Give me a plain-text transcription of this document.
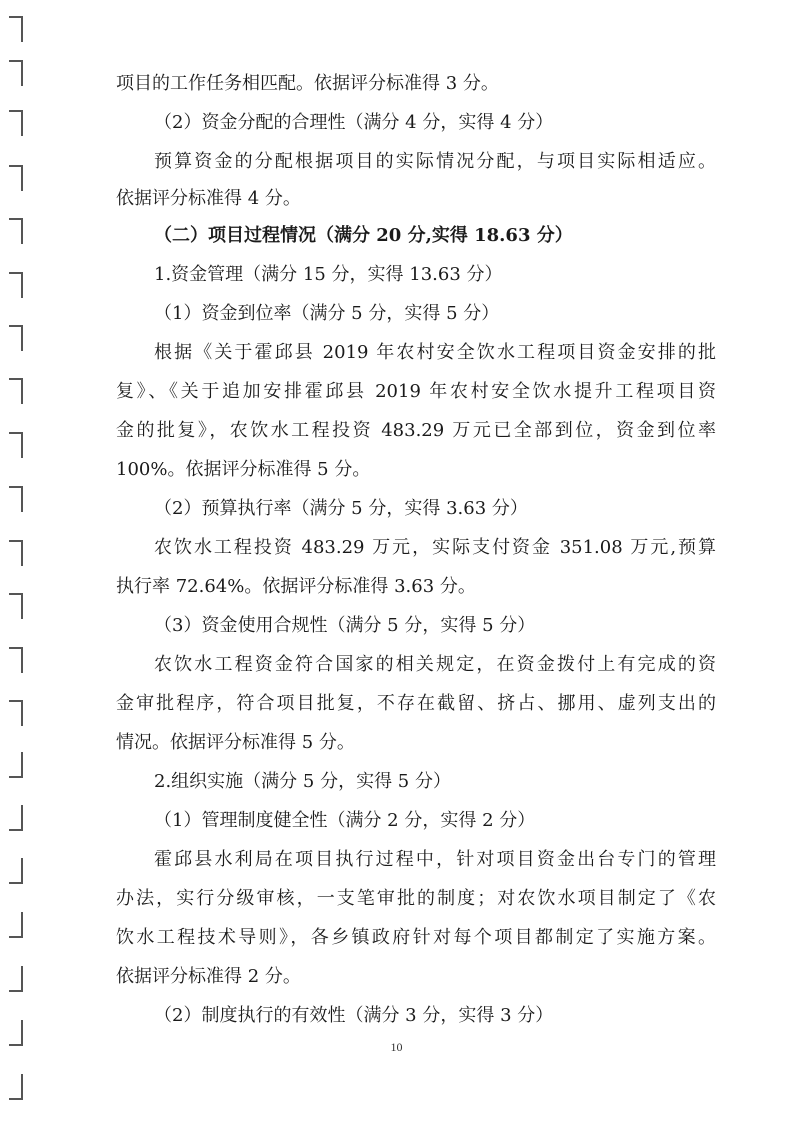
项目的工作任务相匹配。依据评分标准得 3 分。
（2）资金分配的合理性（满分 4 分，实得 4 分）
预算资金的分配根据项目的实际情况分配，与项目实际相适应。
依据评分标准得 4 分。
（二）项目过程情况（满分 20 分,实得 18.63 分）
1.资金管理（满分 15 分，实得 13.63 分）
（1）资金到位率（满分 5 分，实得 5 分）
根据《关于霍邱县 2019 年农村安全饮水工程项目资金安排的批
复》、《关于追加安排霍邱县 2019 年农村安全饮水提升工程项目资
金的批复》，农饮水工程投资 483.29 万元已全部到位，资金到位率
100%。依据评分标准得 5 分。
（2）预算执行率（满分 5 分，实得 3.63 分）
农饮水工程投资 483.29 万元，实际支付资金 351.08 万元,预算
执行率 72.64%。依据评分标准得 3.63 分。
（3）资金使用合规性（满分 5 分，实得 5 分）
农饮水工程资金符合国家的相关规定，在资金拨付上有完成的资
金审批程序，符合项目批复，不存在截留、挤占、挪用、虚列支出的
情况。依据评分标准得 5 分。
2.组织实施（满分 5 分，实得 5 分）
（1）管理制度健全性（满分 2 分，实得 2 分）
霍邱县水利局在项目执行过程中，针对项目资金出台专门的管理
办法，实行分级审核，一支笔审批的制度；对农饮水项目制定了《农
饮水工程技术导则》，各乡镇政府针对每个项目都制定了实施方案。
依据评分标准得 2 分。
（2）制度执行的有效性（满分 3 分，实得 3 分）
10
